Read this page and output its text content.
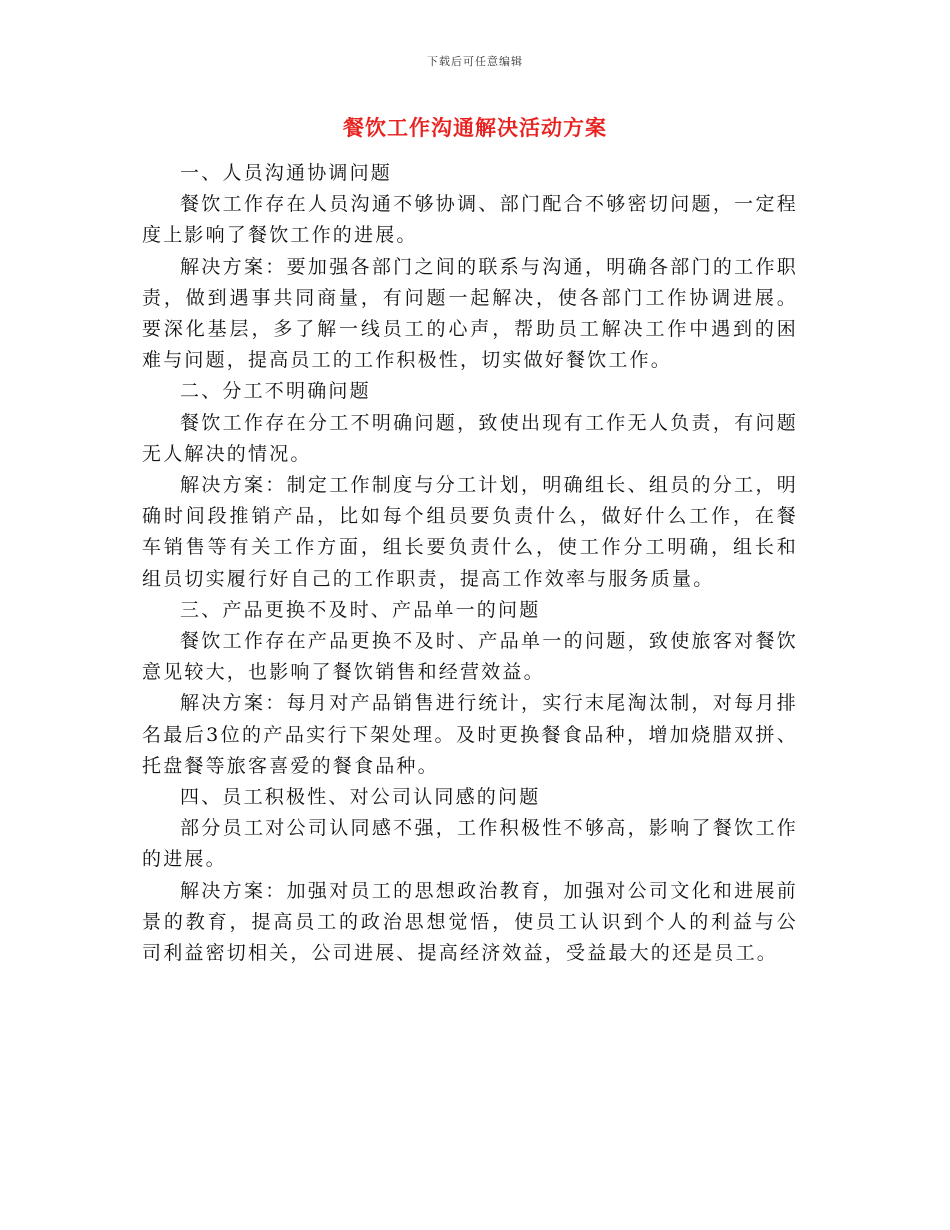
下载后可任意编辑
餐饮工作沟通解决活动方案

一、人员沟通协调问题

餐饮工作存在人员沟通不够协调、部门配合不够密切问题，一定程度上影响了餐饮工作的进展。

解决方案：要加强各部门之间的联系与沟通，明确各部门的工作职责，做到遇事共同商量，有问题一起解决，使各部门工作协调进展。要深化基层，多了解一线员工的心声，帮助员工解决工作中遇到的困难与问题，提高员工的工作积极性，切实做好餐饮工作。

二、分工不明确问题

餐饮工作存在分工不明确问题，致使出现有工作无人负责，有问题无人解决的情况。

解决方案：制定工作制度与分工计划，明确组长、组员的分工，明确时间段推销产品，比如每个组员要负责什么，做好什么工作，在餐车销售等有关工作方面，组长要负责什么，使工作分工明确，组长和组员切实履行好自己的工作职责，提高工作效率与服务质量。

三、产品更换不及时、产品单一的问题

餐饮工作存在产品更换不及时、产品单一的问题，致使旅客对餐饮意见较大，也影响了餐饮销售和经营效益。

解决方案：每月对产品销售进行统计，实行末尾淘汰制，对每月排名最后3位的产品实行下架处理。及时更换餐食品种，增加烧腊双拼、托盘餐等旅客喜爱的餐食品种。

四、员工积极性、对公司认同感的问题

部分员工对公司认同感不强，工作积极性不够高，影响了餐饮工作的进展。

解决方案：加强对员工的思想政治教育，加强对公司文化和进展前景的教育，提高员工的政治思想觉悟，使员工认识到个人的利益与公司利益密切相关，公司进展、提高经济效益，受益最大的还是员工。
